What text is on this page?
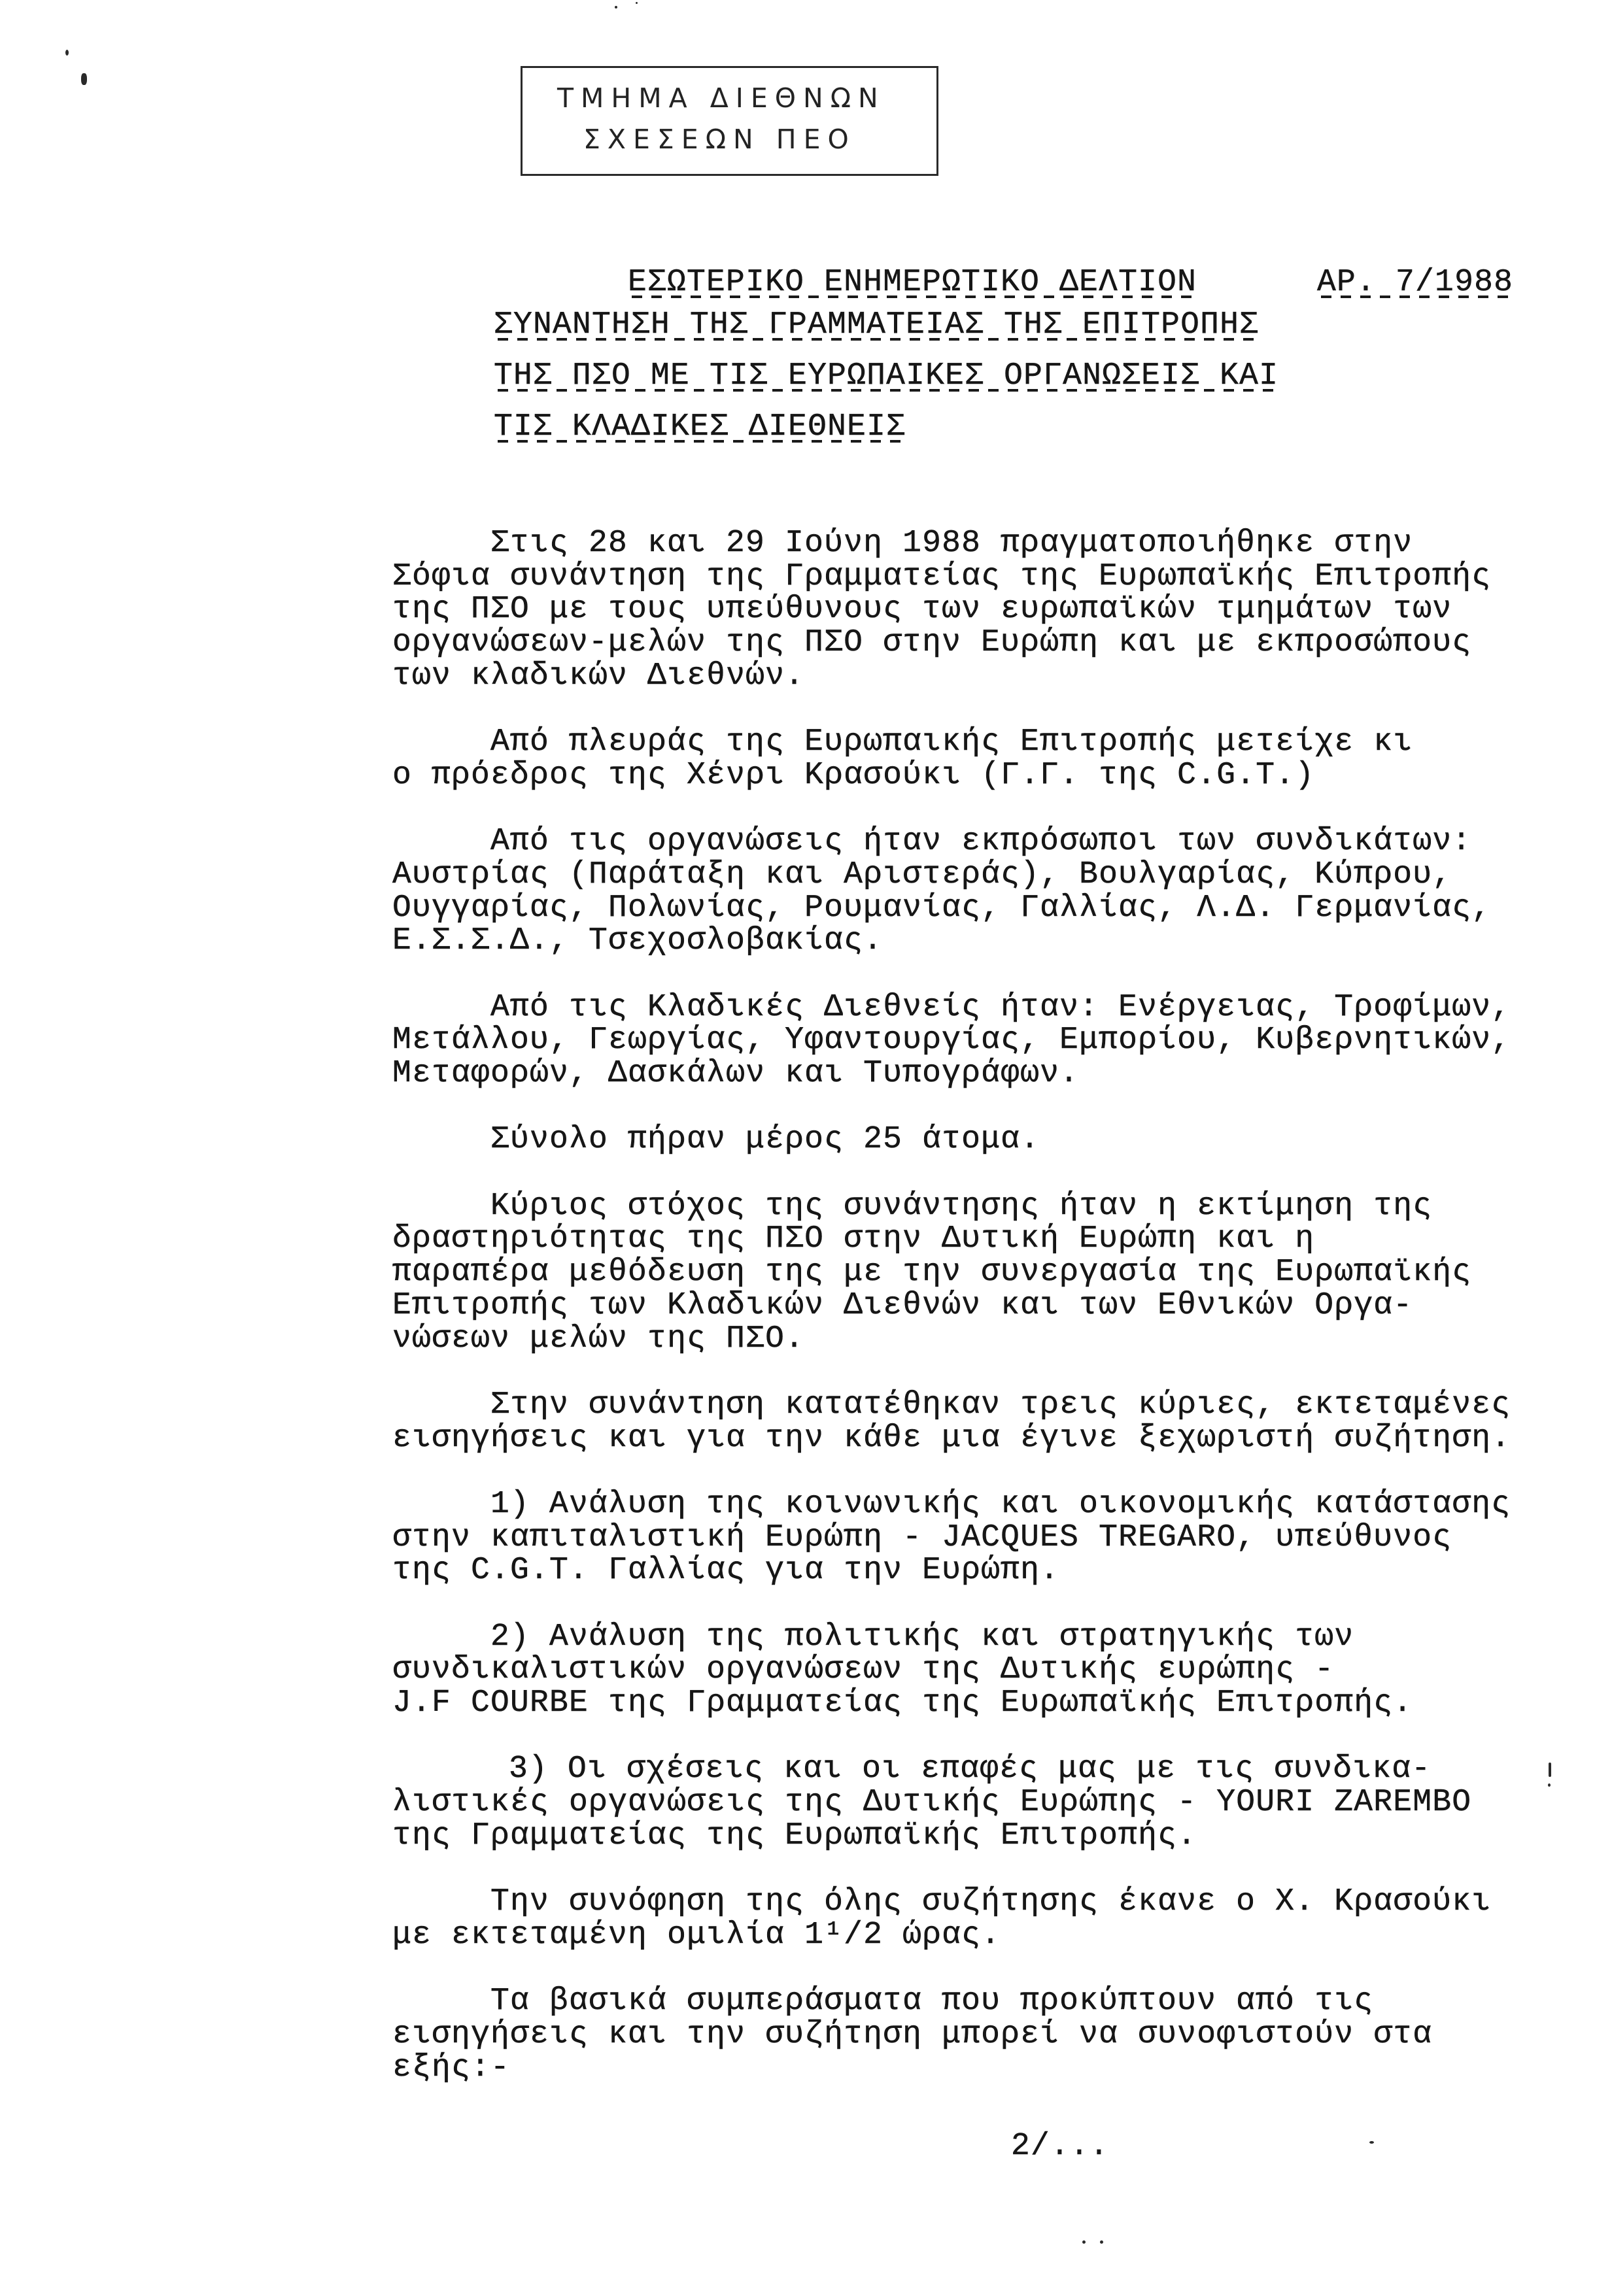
ΤΜΗΜΑ ΔΙΕΘΝΩΝ
ΣΧΕΣΕΩΝ ΠΕΟ

ΕΣΩΤΕΡΙΚΟ ΕΝΗΜΕΡΩΤΙΚΟ ΔΕΛΤΙΟΝ
	ΑΡ. 7/1988

ΣΥΝΑΝΤΗΣΗ ΤΗΣ ΓΡΑΜΜΑΤΕΙΑΣ ΤΗΣ ΕΠΙΤΡΟΠΗΣ
ΤΗΣ ΠΣΟ ΜΕ ΤΙΣ ΕΥΡΩΠΑΙΚΕΣ ΟΡΓΑΝΩΣΕΙΣ ΚΑΙ
ΤΙΣ ΚΛΑΔΙΚΕΣ ΔΙΕΘΝΕΙΣ
Στις 28 και 29 Ιούνη 1988 πραγματοποιήθηκε στην
Σόφια συνάντηση της Γραμματείας της Ευρωπαϊκής Επιτροπής
της ΠΣΟ με τους υπεύθυνους των ευρωπαϊκών τμημάτων των
οργανώσεων-μελών της ΠΣΟ στην Ευρώπη και με εκπροσώπους
των κλαδικών Διεθνών.
Από πλευράς της Ευρωπαικής Επιτροπής μετείχε κι
ο πρόεδρος της Χένρι Κρασούκι (Γ.Γ. της C.G.T.)
Από τις οργανώσεις ήταν εκπρόσωποι των συνδικάτων:
Αυστρίας (Παράταξη και Αριστεράς), Βουλγαρίας, Κύπρου,
Ουγγαρίας, Πολωνίας, Ρουμανίας, Γαλλίας, Λ.Δ. Γερμανίας,
Ε.Σ.Σ.Δ., Τσεχοσλοβακίας.
Από τις Κλαδικές Διεθνείς ήταν: Ενέργειας, Τροφίμων,
Μετάλλου, Γεωργίας, Υφαντουργίας, Εμπορίου, Κυβερνητικών,
Μεταφορών, Δασκάλων και Τυπογράφων.
Σύνολο πήραν μέρος 25 άτομα.
Κύριος στόχος της συνάντησης ήταν η εκτίμηση της
δραστηριότητας της ΠΣΟ στην Δυτική Ευρώπη και η
παραπέρα μεθόδευση της με την συνεργασία της Ευρωπαϊκής
Επιτροπής των Κλαδικών Διεθνών και των Εθνικών Οργα-
νώσεων μελών της ΠΣΟ.
Στην συνάντηση κατατέθηκαν τρεις κύριες, εκτεταμένες
εισηγήσεις και για την κάθε μια έγινε ξεχωριστή συζήτηση.
1) Ανάλυση της κοινωνικής και οικονομικής κατάστασης
στην καπιταλιστική Ευρώπη - JACQUES TREGARO, υπεύθυνος
της C.G.T. Γαλλίας για την Ευρώπη.
2) Ανάλυση της πολιτικής και στρατηγικής των
συνδικαλιστικών οργανώσεων της Δυτικής ευρώπης -
J.F COURBE της Γραμματείας της Ευρωπαϊκής Επιτροπής.
3) Οι σχέσεις και οι επαφές μας με τις συνδικα-
λιστικές οργανώσεις της Δυτικής Ευρώπης - YOURI ZAREMBO
της Γραμματείας της Ευρωπαϊκής Επιτροπής.
Την συνόφηση της όλης συζήτησης έκανε ο Χ. Κρασούκι
με εκτεταμένη ομιλία 1¹/2 ώρας.
Τα βασικά συμπεράσματα που προκύπτουν από τις
εισηγήσεις και την συζήτηση μπορεί να συνοφιστούν στα
εξής:-
2/...
